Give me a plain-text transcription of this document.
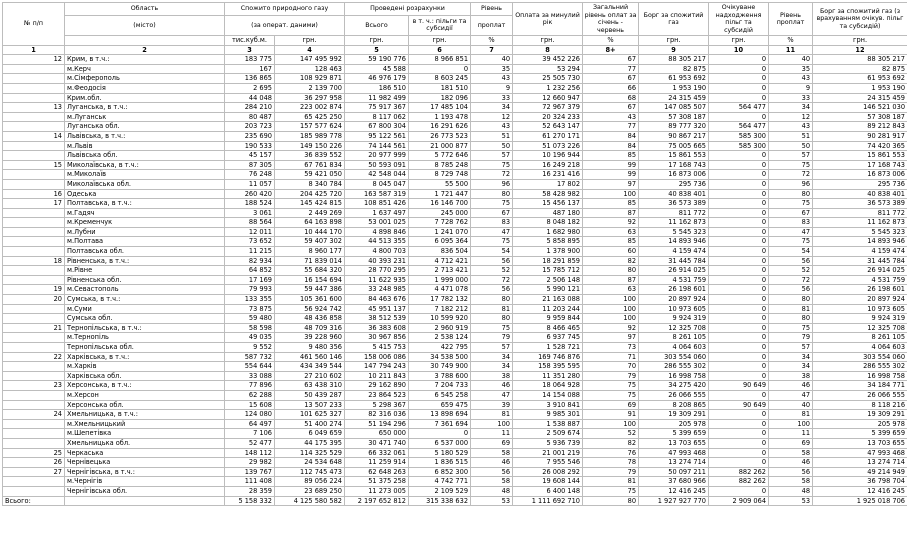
№ п/п	Область	Спожито природного газу		Проведені розрахунки		Рівень	Оплата за минулий рік	Загальний рівень оплат за січень - червень	Борг за спожитий газ	Очікуване надходження пільг та субсидій	Рівень проплат	Борг за спожитий газ (з врахуванням очікув. пільг та субсидій)
	(місто)	(за операт. даними)		Всього	в т. ч.: пільги та субсидії	проплат						
		тис.куб.м.	грн.	грн.	грн.	%	грн.	%	грн.	грн.	%	грн.
1	2	3	4	5	6	7	8	8+	9	10	11	12
12	Крим, в т.ч.:	183 775	147 495 992	59 190 776	8 966 851	40	39 452 226	67	88 305 217	0	40	88 305 217
	м.Керч	167	128 463	45 588	0	35	53 294	77	82 875	0	35	82 875
	м.Сімферополь	136 865	108 929 871	46 976 179	8 603 245	43	25 505 730	67	61 953 692	0	43	61 953 692
	м.Феодосія	2 695	2 139 700	186 510	181 510	9	1 232 256	66	1 953 190	0	9	1 953 190
	Крим.обл.	44 048	36 297 958	11 982 499	182 096	33	12 660 947	68	24 315 459	0	33	24 315 459
13	Луганська, в т.ч.:	284 210	223 002 874	75 917 367	17 485 104	34	72 967 379	67	147 085 507	564 477	34	146 521 030
	м.Луганськ	80 487	65 425 250	8 117 062	1 193 478	12	20 324 233	43	57 308 187	0	12	57 308 187
	Луганська обл.	203 723	157 577 624	67 800 304	16 291 626	43	52 643 147	77	89 777 320	564 477	43	89 212 843
14	Львівська, в т.ч.:	235 690	185 989 778	95 122 561	26 773 523	51	61 270 171	84	90 867 217	585 300	51	90 281 917
	м.Львів	190 533	149 150 226	74 144 561	21 000 877	50	51 073 226	84	75 005 665	585 300	50	74 420 365
	Львівська обл.	45 157	36 839 552	20 977 999	5 772 646	57	10 196 944	85	15 861 553	0	57	15 861 553
15	Миколаївська, в т.ч.:	87 305	67 761 834	50 593 091	8 785 248	75	16 249 218	99	17 168 743	0	75	17 168 743
	м.Миколаїв	76 248	59 421 050	42 548 044	8 729 748	72	16 231 416	99	16 873 006	0	72	16 873 006
	Миколаївська обл.	11 057	8 340 784	8 045 047	55 500	96	17 802	97	295 736	0	96	295 736
16	Одеська	260 420	204 425 720	163 587 319	1 721 447	80	58 428 982	100	40 838 401	0	80	40 838 401
17	Полтавська, в т.ч.:	188 524	145 424 815	108 851 426	16 146 700	75	15 456 137	85	36 573 389	0	75	36 573 389
	м.Гадяч	3 061	2 449 269	1 637 497	245 000	67	487 180	87	811 772	0	67	811 772
	м.Кременчук	88 564	64 163 898	53 001 025	7 728 762	83	8 048 182	92	11 162 873	0	83	11 162 873
	м.Лубни	12 011	10 444 170	4 898 846	1 241 070	47	1 682 980	63	5 545 323	0	47	5 545 323
	м.Полтава	73 652	59 407 302	44 513 355	6 095 364	75	5 858 895	85	14 893 946	0	75	14 893 946
	Полтавська обл.	11 215	8 960 177	4 800 703	836 504	54	1 378 900	60	4 159 474	0	54	4 159 474
18	Рівненська, в т.ч.:	82 934	71 839 014	40 393 231	4 712 421	56	18 291 859	82	31 445 784	0	56	31 445 784
	м.Рівне	64 852	55 684 320	28 770 295	2 713 421	52	15 785 712	80	26 914 025	0	52	26 914 025
	Рівненська обл.	17 169	16 154 694	11 622 935	1 999 000	72	2 506 148	87	4 531 759	0	72	4 531 759
19	м.Севастополь	79 993	59 447 386	33 248 985	4 471 078	56	5 990 121	63	26 198 601	0	56	26 198 601
20	Сумська, в т.ч.:	133 355	105 361 600	84 463 676	17 782 132	80	21 163 088	100	20 897 924	0	80	20 897 924
	м.Суми	73 875	56 924 742	45 951 137	7 182 212	81	11 203 244	100	10 973 605	0	81	10 973 605
	Сумська обл.	59 480	48 436 858	38 512 539	10 599 920	80	9 959 844	100	9 924 319	0	80	9 924 319
21	Тернопільська, в т.ч.:	58 598	48 709 316	36 383 608	2 960 919	75	8 466 465	92	12 325 708	0	75	12 325 708
	м.Тернопіль	49 035	39 228 960	30 967 856	2 538 124	79	6 937 745	97	8 261 105	0	79	8 261 105
	Тернопільська обл.	9 552	9 480 356	5 415 753	422 795	57	1 528 721	73	4 064 603	0	57	4 064 603
22	Харківська, в т.ч.:	587 732	461 560 146	158 006 086	34 538 500	34	169 746 876	71	303 554 060	0	34	303 554 060
	м.Харків	554 644	434 349 544	147 794 243	30 749 900	34	158 395 595	70	286 555 302	0	34	286 555 302
	Харківська обл.	33 088	27 210 602	10 211 843	3 788 600	38	11 351 280	79	16 998 758	0	38	16 998 758
23	Херсонська, в т.ч.:	77 896	63 438 310	29 162 890	7 204 733	46	18 064 928	75	34 275 420	90 649	46	34 184 771
	м.Херсон	62 288	50 439 287	23 864 523	6 545 258	47	14 154 088	75	26 066 555	0	47	26 066 555
	Херсонська обл.	15 608	13 507 233	5 298 367	659 475	39	3 910 841	69	8 208 865	90 649	40	8 118 216
24	Хмельницька, в т.ч.:	124 080	101 625 327	82 316 036	13 898 694	81	9 985 301	91	19 309 291	0	81	19 309 291
	м.Хмельницький	64 497	51 400 274	51 194 296	7 361 694	100	1 538 887	100	205 978	0	100	205 978
	м.Шепетівка	7 106	6 049 659	650 000	0	11	2 509 674	52	5 399 659	0	11	5 399 659
	Хмельницька обл.	52 477	44 175 395	30 471 740	6 537 000	69	5 936 739	82	13 703 655	0	69	13 703 655
25	Черкаська	148 112	114 325 529	66 332 061	5 180 529	58	21 001 219	76	47 993 468	0	58	47 993 468
26	Чернівецька	29 982	24 534 648	11 259 914	1 836 515	46	7 955 546	78	13 274 714	0	46	13 274 714
27	Чернігівська, в т.ч.:	139 767	112 745 473	62 648 263	6 852 300	56	26 008 292	79	50 097 211	882 262	56	49 214 949
	м.Чернігів	111 408	89 056 224	51 375 258	4 742 771	58	19 608 144	81	37 680 966	882 262	58	36 798 704
	Чернігівська обл.	28 359	23 689 250	11 273 005	2 109 529	48	6 400 148	75	12 416 245	0	48	12 416 245
Всього:		5 158 332	4 125 580 582	2 197 652 812	315 338 632	53	1 111 692 710	80	1 927 927 770	2 909 064	53	1 925 018 706
